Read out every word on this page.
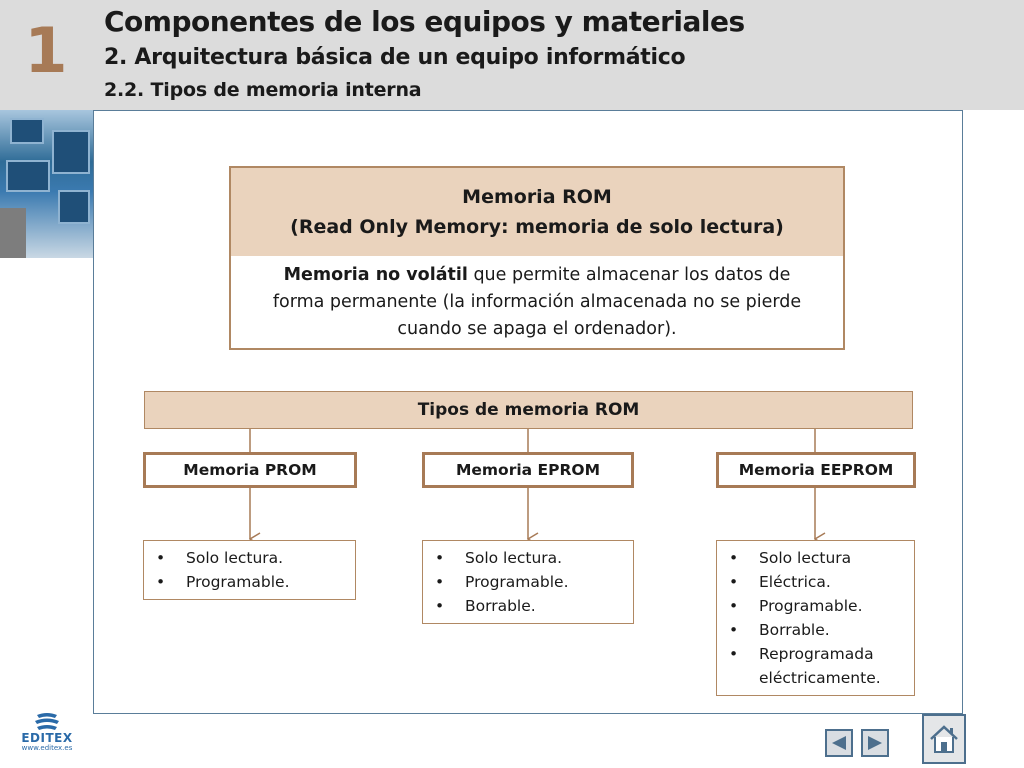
1	Componentes de los equipos y materiales
2. Arquitectura básica de un equipo informático
2.2. Tipos de memoria interna
Memoria ROM
(Read Only Memory: memoria de solo lectura)
Memoria no volátil que permite almacenar los datos de forma permanente (la información almacenada no se pierde cuando se apaga el ordenador).
Tipos de memoria ROM
Memoria PROM	Memoria EPROM	Memoria EEPROM
• Solo lectura.
• Programable.
• Solo lectura.
• Programable.
• Borrable.
• Solo lectura
• Eléctrica.
• Programable.
• Borrable.
• Reprogramada eléctricamente.
EDITEX
www.editex.es
